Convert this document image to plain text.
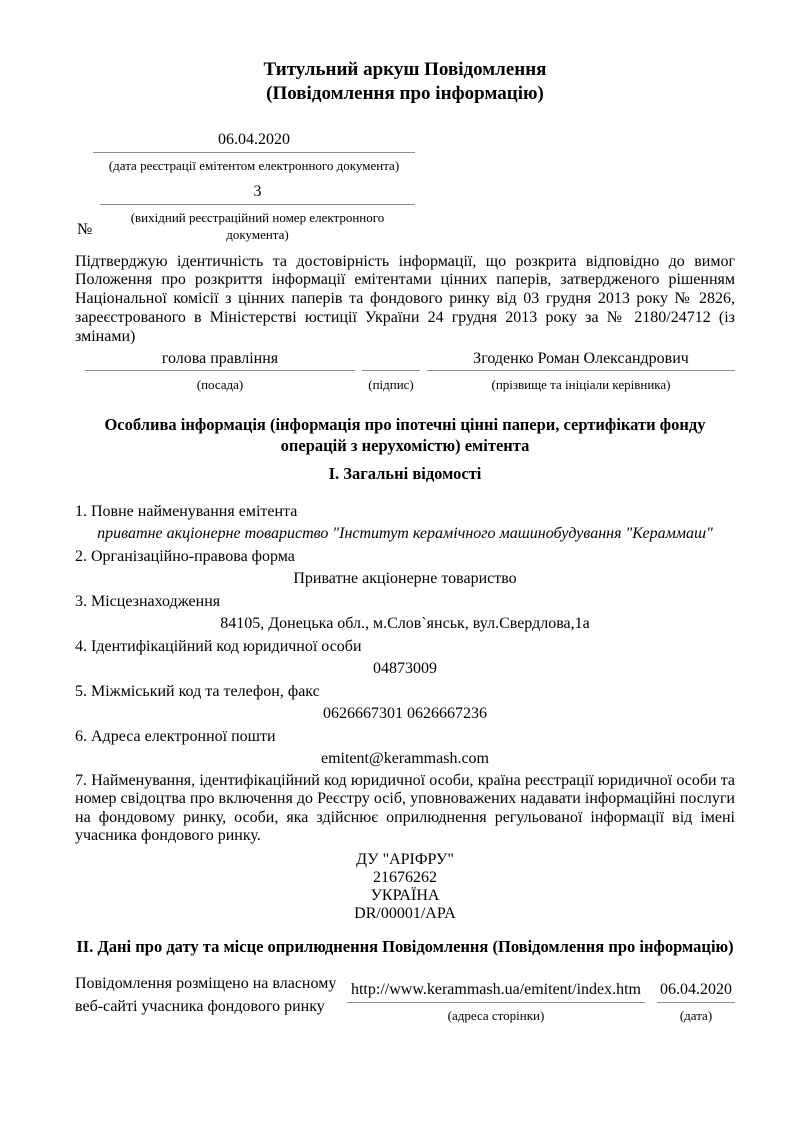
Титульний аркуш Повідомлення
(Повідомлення про інформацію)
06.04.2020
(дата реєстрації емітентом електронного документа)
№
3
(вихідний реєстраційний номер електронного документа)
Підтверджую ідентичність та достовірність інформації, що розкрита відповідно до вимог Положення про розкриття інформації емітентами цінних паперів, затвердженого рішенням Національної комісії з цінних паперів та фондового ринку від 03 грудня 2013 року № 2826, зареєстрованого в Міністерстві юстиції України 24 грудня 2013 року за № 2180/24712 (із змінами)
голова правління
(посада)	(підпис)
Згоденко Роман Олександрович
(прізвище та ініціали керівника)
Особлива інформація (інформація про іпотечні цінні папери, сертифікати фонду операцій з нерухомістю) емітента
I. Загальні відомості
1. Повне найменування емітента
приватне акціонерне товариство "Інститут керамічного машинобудування "Кераммаш"
2. Організаційно-правова форма
Приватне акціонерне товариство
3. Місцезнаходження
84105, Донецька обл., м.Слов`янськ, вул.Свердлова,1а
4. Ідентифікаційний код юридичної особи
04873009
5. Міжміський код та телефон, факс
0626667301 0626667236
6. Адреса електронної пошти
emitent@kerammash.com
7. Найменування, ідентифікаційний код юридичної особи, країна реєстрації юридичної особи та номер свідоцтва про включення до Реєстру осіб, уповноважених надавати інформаційні послуги на фондовому ринку, особи, яка здійснює оприлюднення регульованої інформації від імені учасника фондового ринку.
ДУ "АРІФРУ"
21676262
УКРАЇНА
DR/00001/APA
II. Дані про дату та місце оприлюднення Повідомлення (Повідомлення про інформацію)
Повідомлення розміщено на власному веб-сайті учасника фондового ринку
http://www.kerammash.ua/emitent/index.htm
(адреса сторінки)
06.04.2020
(дата)
